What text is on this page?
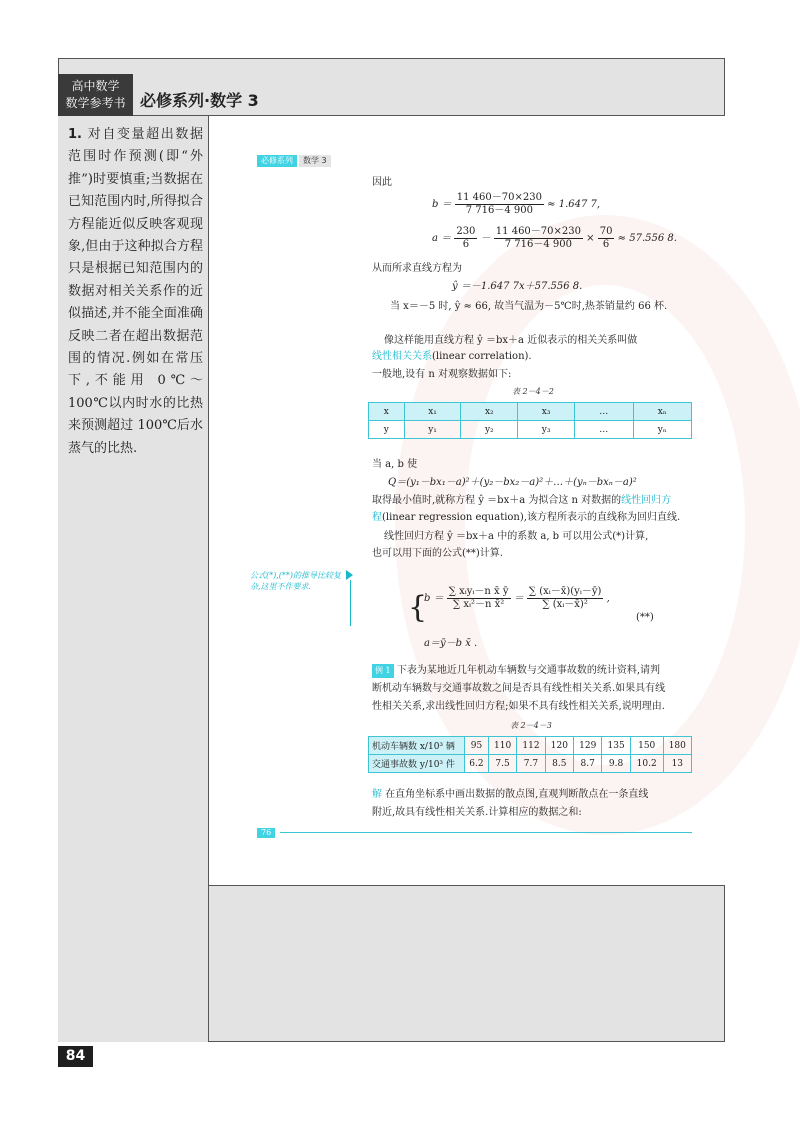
高中数学
数学参考书 必修系列·数学 3
1. 对自变量超出数据范围时作预测(即“外推”)时要慎重;当数据在已知范围内时,所得拟合方程能近似反映客观现象,但由于这种拟合方程只是根据已知范围内的数据对相关关系作的近似描述,并不能全面准确反映二者在超出数据范围的情况.例如在常压下,不能用 0℃～100℃以内时水的比热来预测超过 100℃后水蒸气的比热.
必修系列 数学 3
因此
$b = \frac{11 460-70\times 230}{7 716-4 900} \approx 1.647$ 7,
$a = \frac{230}{6} - \frac{11 460-70\times 230}{7 716-4 900} \times \frac{70}{6} \approx 57.556$ 8.
从而所求直线方程为
ŷ ＝－1.647 7x＋57.556 8.
当 x＝－5 时, ŷ ≈ 66, 故当气温为－5℃时,热茶销量约 66 杯.
像这样能用直线方程 ŷ ＝bx＋a 近似表示的相关关系叫做
线性相关关系(linear correlation).
一般地,设有 n 对观察数据如下:
表 2－4－2
x	x₁	x₂	x₃	…	xₙ
y	y₁	y₂	y₃	…	yₙ
当 a, b 使
Q＝(y₁－bx₁－a)²＋(y₂－bx₂－a)²＋…＋(yₙ－bxₙ－a)²
取得最小值时,就称方程 ŷ ＝bx＋a 为拟合这 n 对数据的线性回归方
程(linear regression equation),该方程所表示的直线称为回归直线.
线性回归方程 ŷ ＝bx＋a 中的系数 a, b 可以用公式(*)计算,
也可以用下面的公式(**)计算.
公式(*),(**)的推导比较复杂,这里不作要求.
{
$b = \frac{\text{∑ xᵢyᵢ－n x̄ ȳ}}{\text{∑ xᵢ²－n x̄²}} = \frac{\text{∑ (xᵢ－x̄)(yᵢ－ȳ)}}{\text{∑ (xᵢ－x̄)²}}$ ,
a＝ȳ－b x̄ .
(**)
例 1 下表为某地近几年机动车辆数与交通事故数的统计资料,请判
断机动车辆数与交通事故数之间是否具有线性相关关系.如果具有线
性相关关系,求出线性回归方程;如果不具有线性相关关系,说明理由.
表 2－4－3
机动车辆数 x/10³ 辆	95	110	112	120	129	135	150	180
交通事故数 y/10³ 件	6.2	7.5	7.7	8.5	8.7	9.8	10.2	13
解 在直角坐标系中画出数据的散点图,直观判断散点在一条直线
附近,故具有线性相关关系.计算相应的数据之和:
76
84
